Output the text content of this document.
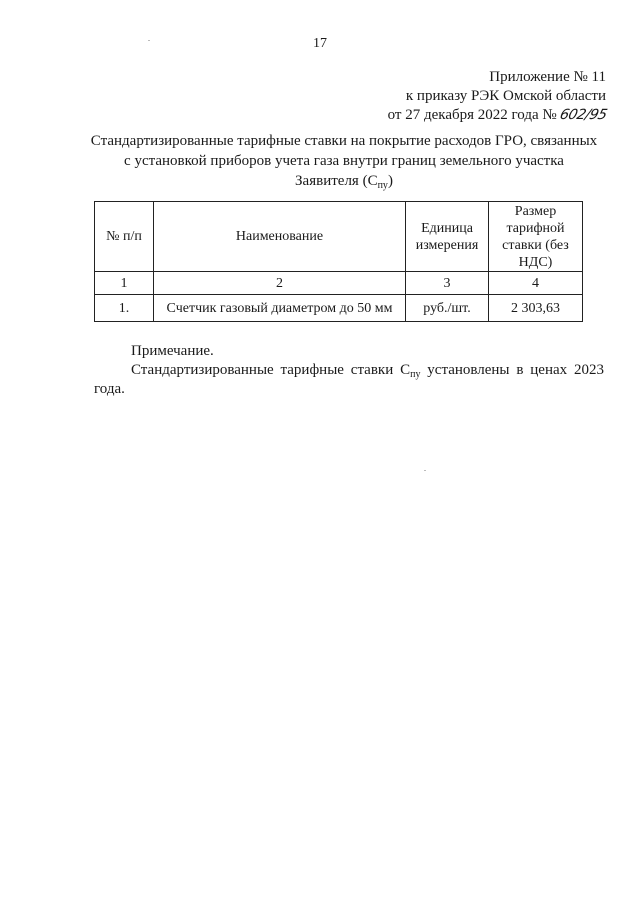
17
Приложение № 11
к приказу РЭК Омской области
от 27 декабря 2022 года №602/95
Стандартизированные тарифные ставки на покрытие расходов ГРО, связанных
с установкой приборов учета газа внутри границ земельного участка
Заявителя $(С_{пу})$
№ п/п	Наименование	Единица измерения	Размер тарифной ставки (без НДС)
1	2	3	4
1.	Счетчик газовый диаметром до 50 мм	руб./шт.	2 303,63
Примечание.
Стандартизированные тарифные ставки $С_{пу}$ установлены в ценах 2023 года.
